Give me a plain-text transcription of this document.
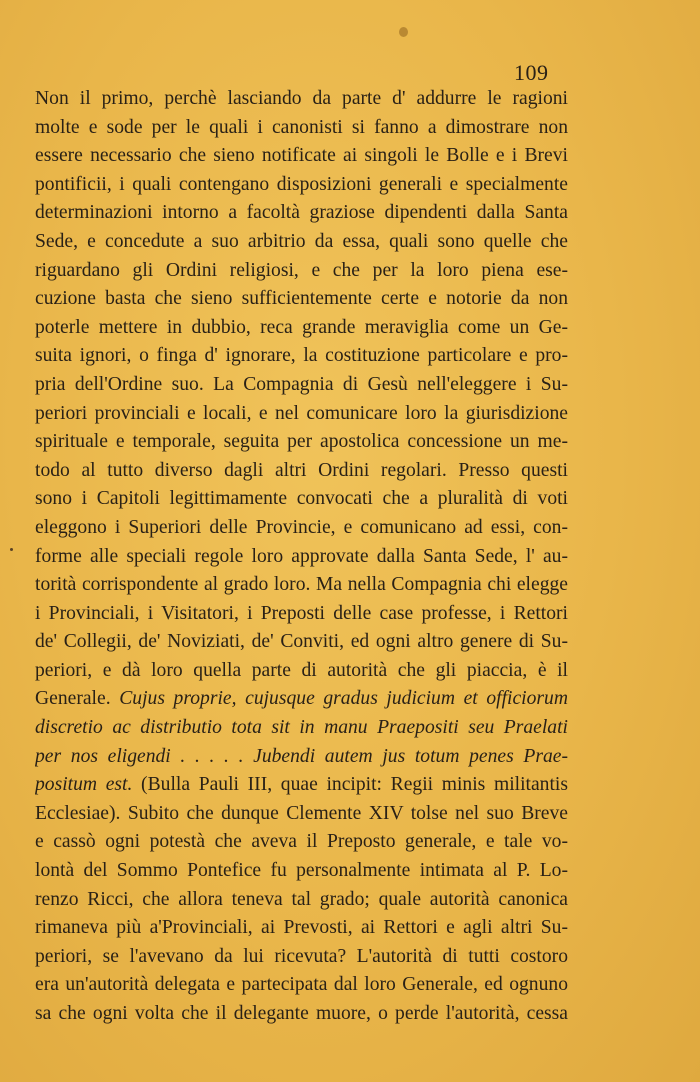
109
Non il primo, perchè lasciando da parte d' addurre le ragioni
molte e sode per le quali i canonisti si fanno a dimostrare non
essere necessario che sieno notificate ai singoli le Bolle e i Brevi
pontificii, i quali contengano disposizioni generali e specialmente
determinazioni intorno a facoltà graziose dipendenti dalla Santa
Sede, e concedute a suo arbitrio da essa, quali sono quelle che
riguardano gli Ordini religiosi, e che per la loro piena ese-
cuzione basta che sieno sufficientemente certe e notorie da non
poterle mettere in dubbio, reca grande meraviglia come un Ge-
suita ignori, o finga d' ignorare, la costituzione particolare e pro-
pria dell'Ordine suo. La Compagnia di Gesù nell'eleggere i Su-
periori provinciali e locali, e nel comunicare loro la giurisdizione
spirituale e temporale, seguita per apostolica concessione un me-
todo al tutto diverso dagli altri Ordini regolari. Presso questi
sono i Capitoli legittimamente convocati che a pluralità di voti
eleggono i Superiori delle Provincie, e comunicano ad essi, con-
forme alle speciali regole loro approvate dalla Santa Sede, l' au-
torità corrispondente al grado loro. Ma nella Compagnia chi elegge
i Provinciali, i Visitatori, i Preposti delle case professe, i Rettori
de' Collegii, de' Noviziati, de' Conviti, ed ogni altro genere di Su-
periori, e dà loro quella parte di autorità che gli piaccia, è il
Generale. Cujus proprie, cujusque gradus judicium et officiorum
discretio ac distributio tota sit in manu Praepositi seu Praelati
per nos eligendi . . . . . Jubendi autem jus totum penes Prae-
positum est. (Bulla Pauli III, quae incipit: Regii minis militantis
Ecclesiae). Subito che dunque Clemente XIV tolse nel suo Breve
e cassò ogni potestà che aveva il Preposto generale, e tale vo-
lontà del Sommo Pontefice fu personalmente intimata al P. Lo-
renzo Ricci, che allora teneva tal grado; quale autorità canonica
rimaneva più a'Provinciali, ai Prevosti, ai Rettori e agli altri Su-
periori, se l'avevano da lui ricevuta? L'autorità di tutti costoro
era un'autorità delegata e partecipata dal loro Generale, ed ognuno
sa che ogni volta che il delegante muore, o perde l'autorità, cessa
